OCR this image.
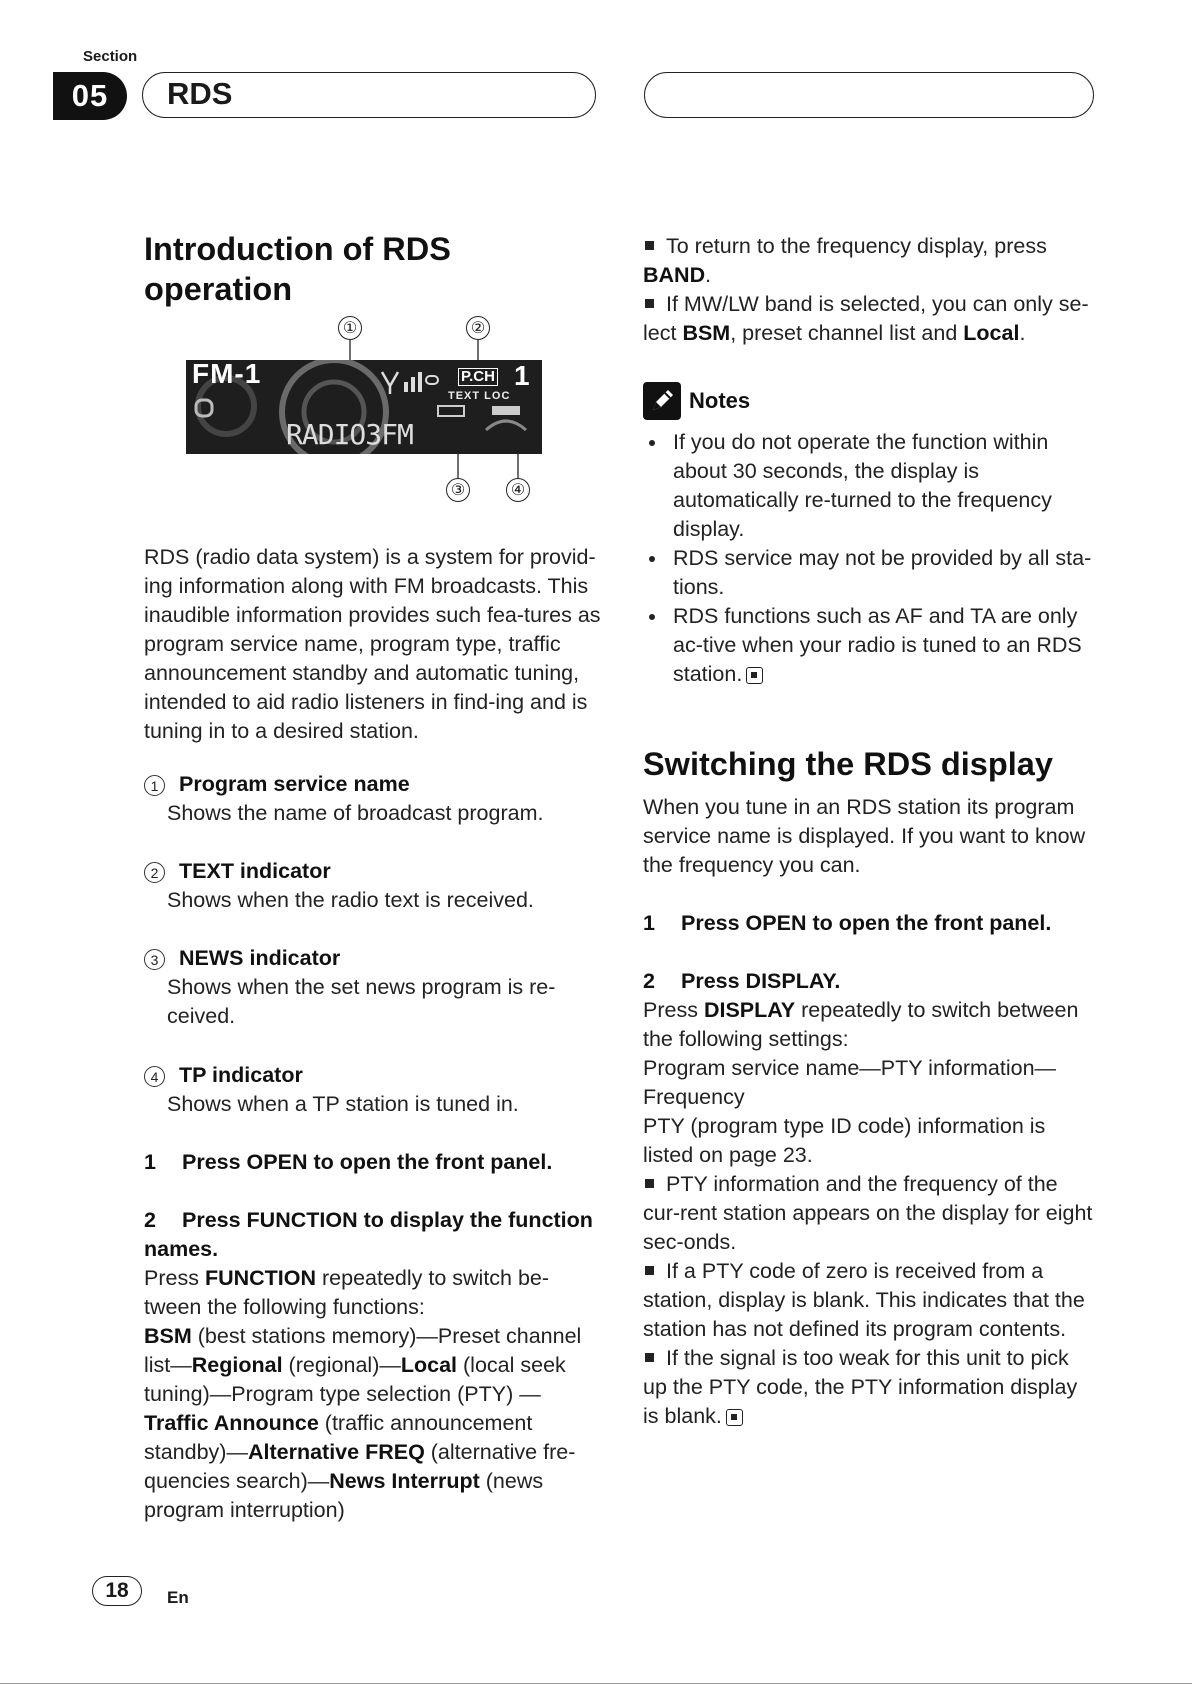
Section
05	RDS
Introduction of RDS operation
①	②
③	④
FM-1
RADIO3FM
P.CH 1
TEXT LOC
RDS (radio data system) is a system for provid-ing information along with FM broadcasts. This inaudible information provides such fea-tures as program service name, program type, traffic announcement standby and automatic tuning, intended to aid radio listeners in find-ing and is tuning in to a desired station.
1 Program service name
Shows the name of broadcast program.
2 TEXT indicator
Shows when the radio text is received.
3 NEWS indicator
Shows when the set news program is re-ceived.
4 TP indicator
Shows when a TP station is tuned in.
1 Press OPEN to open the front panel.
2 Press FUNCTION to display the function names.
Press FUNCTION repeatedly to switch be-tween the following functions:
BSM (best stations memory)—Preset channel list—Regional (regional)—Local (local seek tuning)—Program type selection (PTY) —Traffic Announce (traffic announcement standby)—Alternative FREQ (alternative fre-quencies search)—News Interrupt (news program interruption)
To return to the frequency display, press BAND.
If MW/LW band is selected, you can only se-lect BSM, preset channel list and Local.
Notes
If you do not operate the function within about 30 seconds, the display is automatically re-turned to the frequency display.
RDS service may not be provided by all sta-tions.
RDS functions such as AF and TA are only ac-tive when your radio is tuned to an RDS station.
Switching the RDS display
When you tune in an RDS station its program service name is displayed. If you want to know the frequency you can.
1 Press OPEN to open the front panel.
2 Press DISPLAY.
Press DISPLAY repeatedly to switch between the following settings:
Program service name—PTY information—Frequency
PTY (program type ID code) information is listed on page 23.
PTY information and the frequency of the cur-rent station appears on the display for eight sec-onds.
If a PTY code of zero is received from a station, display is blank. This indicates that the station has not defined its program contents.
If the signal is too weak for this unit to pick up the PTY code, the PTY information display is blank.
18	En
